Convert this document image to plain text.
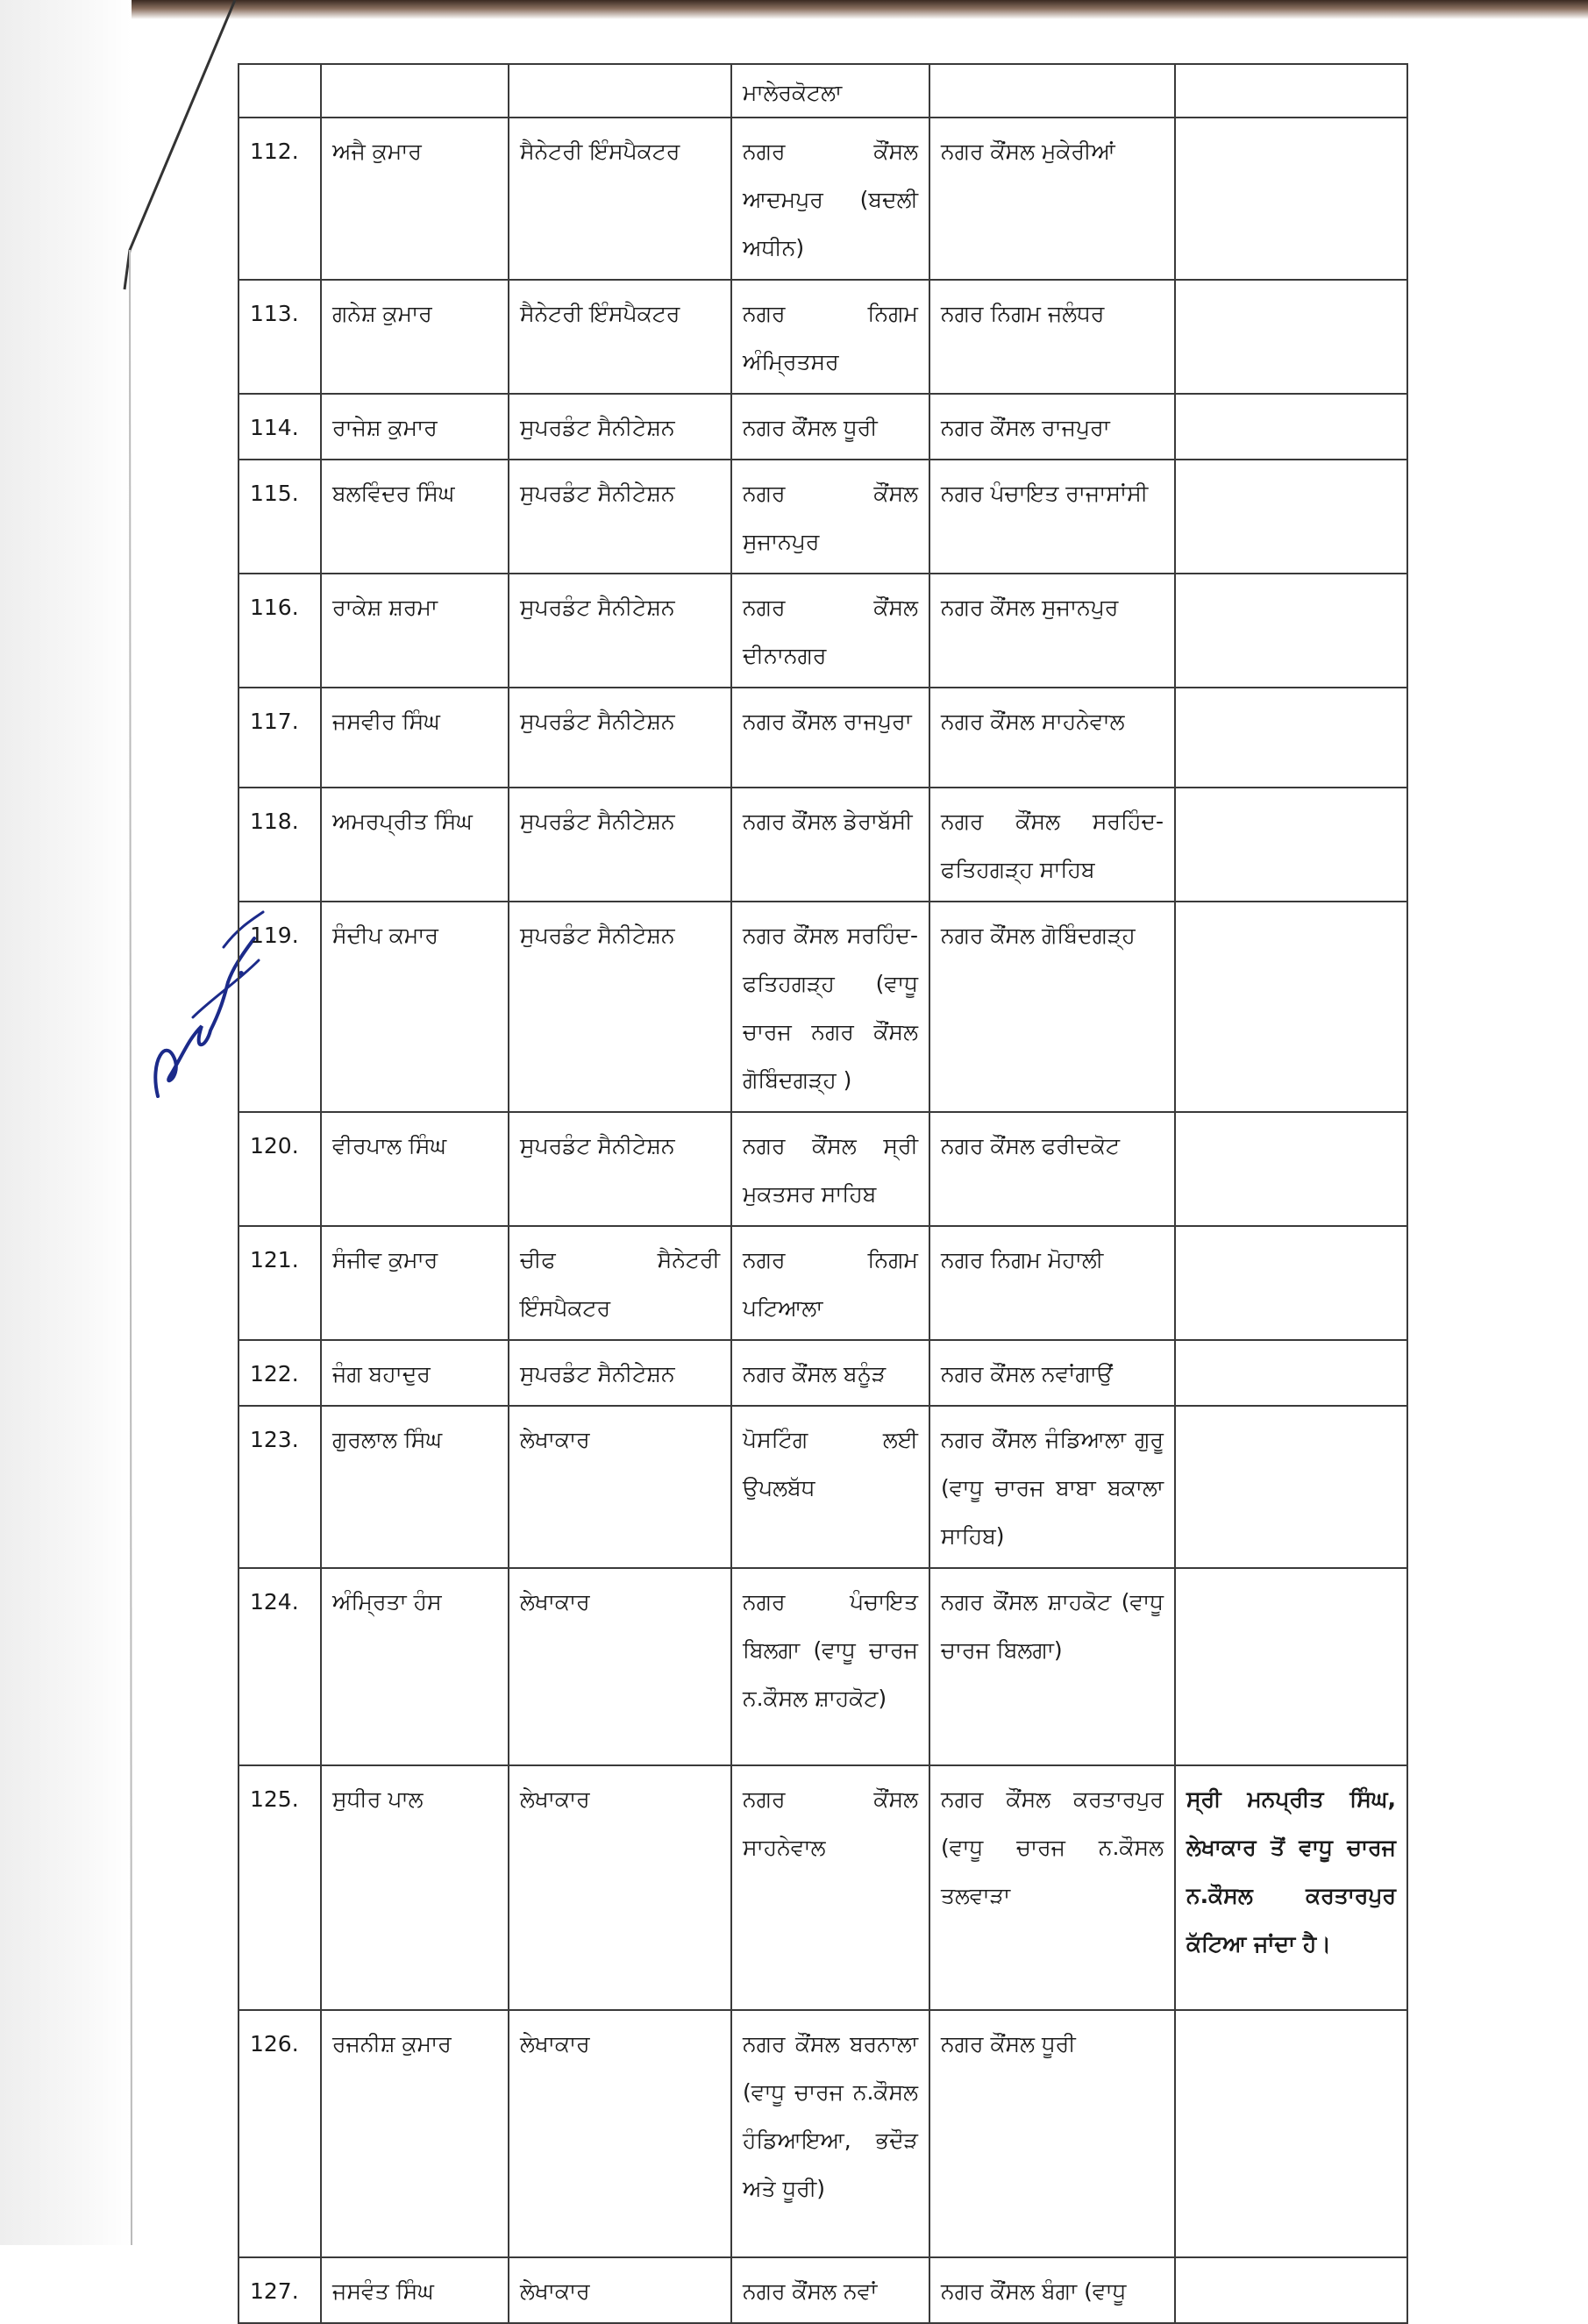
			ਮਾਲੇਰਕੋਟਲਾ		
112.	ਅਜੈ ਕੁਮਾਰ	ਸੈਨੇਟਰੀ ਇੰਸਪੈਕਟਰ	ਨਗਰ ਕੌਂਸਲ ਆਦਮਪੁਰ (ਬਦਲੀ ਅਧੀਨ)	ਨਗਰ ਕੌਂਸਲ ਮੁਕੇਰੀਆਂ	
113.	ਗਨੇਸ਼ ਕੁਮਾਰ	ਸੈਨੇਟਰੀ ਇੰਸਪੈਕਟਰ	ਨਗਰ ਨਿਗਮ ਅੰਮ੍ਰਿਤਸਰ	ਨਗਰ ਨਿਗਮ ਜਲੰਧਰ	
114.	ਰਾਜੇਸ਼ ਕੁਮਾਰ	ਸੁਪਰਡੰਟ ਸੈਨੀਟੇਸ਼ਨ	ਨਗਰ ਕੌਂਸਲ ਧੂਰੀ	ਨਗਰ ਕੌਂਸਲ ਰਾਜਪੁਰਾ	
115.	ਬਲਵਿੰਦਰ ਸਿੰਘ	ਸੁਪਰਡੰਟ ਸੈਨੀਟੇਸ਼ਨ	ਨਗਰ ਕੌਂਸਲ ਸੁਜਾਨਪੁਰ	ਨਗਰ ਪੰਚਾਇਤ ਰਾਜਾਸਾਂਸੀ	
116.	ਰਾਕੇਸ਼ ਸ਼ਰਮਾ	ਸੁਪਰਡੰਟ ਸੈਨੀਟੇਸ਼ਨ	ਨਗਰ ਕੌਂਸਲ ਦੀਨਾਨਗਰ	ਨਗਰ ਕੌਂਸਲ ਸੁਜਾਨਪੁਰ	
117.	ਜਸਵੀਰ ਸਿੰਘ	ਸੁਪਰਡੰਟ ਸੈਨੀਟੇਸ਼ਨ	ਨਗਰ ਕੌਂਸਲ ਰਾਜਪੁਰਾ	ਨਗਰ ਕੌਂਸਲ ਸਾਹਨੇਵਾਲ	
118.	ਅਮਰਪ੍ਰੀਤ ਸਿੰਘ	ਸੁਪਰਡੰਟ ਸੈਨੀਟੇਸ਼ਨ	ਨਗਰ ਕੌਂਸਲ ਡੇਰਾਬੱਸੀ	ਨਗਰ ਕੌਂਸਲ ਸਰਹਿੰਦ-ਫਤਿਹਗੜ੍ਹ ਸਾਹਿਬ	
119.	ਸੰਦੀਪ ਕਮਾਰ	ਸੁਪਰਡੰਟ ਸੈਨੀਟੇਸ਼ਨ	ਨਗਰ ਕੌਂਸਲ ਸਰਹਿੰਦ-ਫਤਿਹਗੜ੍ਹ (ਵਾਧੂ ਚਾਰਜ ਨਗਰ ਕੌਂਸਲ ਗੋਬਿੰਦਗੜ੍ਹ )	ਨਗਰ ਕੌਂਸਲ ਗੋਬਿੰਦਗੜ੍ਹ	
120.	ਵੀਰਪਾਲ ਸਿੰਘ	ਸੁਪਰਡੰਟ ਸੈਨੀਟੇਸ਼ਨ	ਨਗਰ ਕੌਂਸਲ ਸ੍ਰੀ ਮੁਕਤਸਰ ਸਾਹਿਬ	ਨਗਰ ਕੌਂਸਲ ਫਰੀਦਕੋਟ	
121.	ਸੰਜੀਵ ਕੁਮਾਰ	ਚੀਫ ਸੈਨੇਟਰੀ ਇੰਸਪੈਕਟਰ	ਨਗਰ ਨਿਗਮ ਪਟਿਆਲਾ	ਨਗਰ ਨਿਗਮ ਮੋਹਾਲੀ	
122.	ਜੰਗ ਬਹਾਦੁਰ	ਸੁਪਰਡੰਟ ਸੈਨੀਟੇਸ਼ਨ	ਨਗਰ ਕੌਂਸਲ ਬਨੂੰੜ	ਨਗਰ ਕੌਂਸਲ ਨਵਾਂਗਾਉਂ	
123.	ਗੁਰਲਾਲ ਸਿੰਘ	ਲੇਖਾਕਾਰ	ਪੋਸਟਿੰਗ ਲਈ ਉਪਲਬੱਧ	ਨਗਰ ਕੌਂਸਲ ਜੰਡਿਆਲਾ ਗੁਰੂ (ਵਾਧੂ ਚਾਰਜ ਬਾਬਾ ਬਕਾਲਾ ਸਾਹਿਬ)	
124.	ਅੰਮ੍ਰਿਤਾ ਹੰਸ	ਲੇਖਾਕਾਰ	ਨਗਰ ਪੰਚਾਇਤ ਬਿਲਗਾ (ਵਾਧੂ ਚਾਰਜ ਨ.ਕੌਸਲ ਸ਼ਾਹਕੋਟ)	ਨਗਰ ਕੌਂਸਲ ਸ਼ਾਹਕੋਟ (ਵਾਧੂ ਚਾਰਜ ਬਿਲਗਾ)	
125.	ਸੁਧੀਰ ਪਾਲ	ਲੇਖਾਕਾਰ	ਨਗਰ ਕੌਂਸਲ ਸਾਹਨੇਵਾਲ	ਨਗਰ ਕੌਂਸਲ ਕਰਤਾਰਪੁਰ (ਵਾਧੂ ਚਾਰਜ ਨ.ਕੌਸਲ ਤਲਵਾੜਾ	ਸ੍ਰੀ ਮਨਪ੍ਰੀਤ ਸਿੰਘ, ਲੇਖਾਕਾਰ ਤੋਂ ਵਾਧੂ ਚਾਰਜ ਨ.ਕੌਸਲ ਕਰਤਾਰਪੁਰ ਕੱਟਿਆ ਜਾਂਦਾ ਹੈ।
126.	ਰਜਨੀਸ਼ ਕੁਮਾਰ	ਲੇਖਾਕਾਰ	ਨਗਰ ਕੌਂਸਲ ਬਰਨਾਲਾ (ਵਾਧੂ ਚਾਰਜ ਨ.ਕੌਸਲ ਹੰਡਿਆਇਆ, ਭਦੌੜ ਅਤੇ ਧੂਰੀ)	ਨਗਰ ਕੌਂਸਲ ਧੂਰੀ	
127.	ਜਸਵੰਤ ਸਿੰਘ	ਲੇਖਾਕਾਰ	ਨਗਰ ਕੌਂਸਲ ਨਵਾਂ	ਨਗਰ ਕੌਂਸਲ ਬੰਗਾ (ਵਾਧੂ	
